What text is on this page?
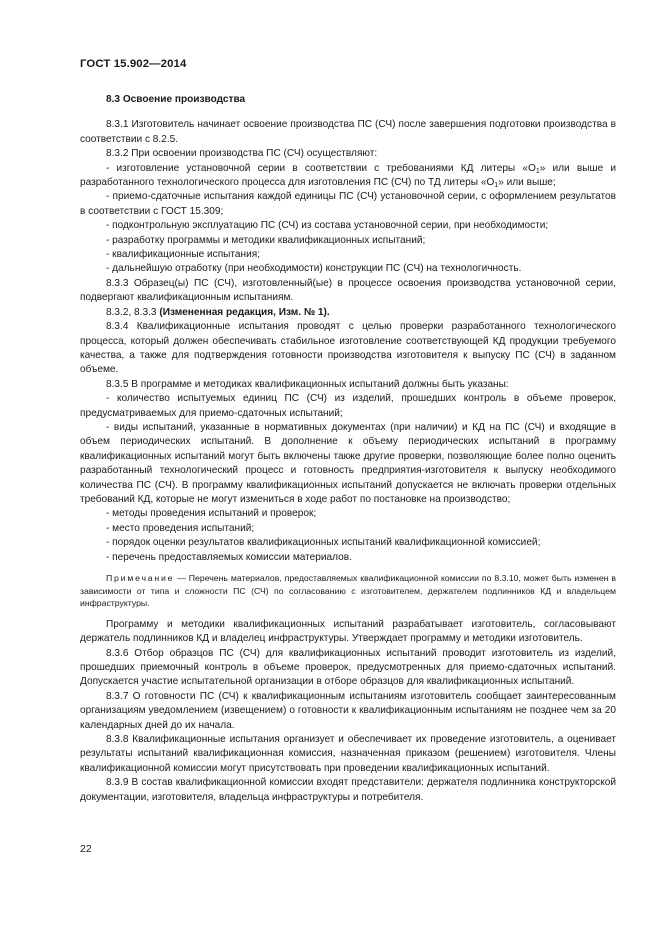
ГОСТ 15.902—2014

8.3 Освоение производства

8.3.1 Изготовитель начинает освоение производства ПС (СЧ) после завершения подготовки производства в соответствии с 8.2.5.

8.3.2 При освоении производства ПС (СЧ) осуществляют:

- изготовление установочной серии в соответствии с требованиями КД литеры «$О_1$» или выше и разработанного технологического процесса для изготовления ПС (СЧ) по ТД литеры «$О_1$» или выше;

- приемо-сдаточные испытания каждой единицы ПС (СЧ) установочной серии, с оформлением результатов в соответствии с ГОСТ 15.309;

- подконтрольную эксплуатацию ПС (СЧ) из состава установочной серии, при необходимости;

- разработку программы и методики квалификационных испытаний;

- квалификационные испытания;

- дальнейшую отработку (при необходимости) конструкции ПС (СЧ) на технологичность.

8.3.3 Образец(ы) ПС (СЧ), изготовленный(ые) в процессе освоения производства установочной серии, подвергают квалификационным испытаниям.

8.3.2, 8.3.3 (Измененная редакция, Изм. № 1).

8.3.4 Квалификационные испытания проводят с целью проверки разработанного технологического процесса, который должен обеспечивать стабильное изготовление соответствующей КД продукции требуемого качества, а также для подтверждения готовности производства изготовителя к выпуску ПС (СЧ) в заданном объеме.

8.3.5 В программе и методиках квалификационных испытаний должны быть указаны:

- количество испытуемых единиц ПС (СЧ) из изделий, прошедших контроль в объеме проверок, предусматриваемых для приемо-сдаточных испытаний;

- виды испытаний, указанные в нормативных документах (при наличии) и КД на ПС (СЧ) и входящие в объем периодических испытаний. В дополнение к объему периодических испытаний в программу квалификационных испытаний могут быть включены также другие проверки, позволяющие более полно оценить разработанный технологический процесс и готовность предприятия-изготовителя к выпуску необходимого количества ПС (СЧ). В программу квалификационных испытаний допускается не включать проверки отдельных требований КД, которые не могут измениться в ходе работ по постановке на производство;

- методы проведения испытаний и проверок;

- место проведения испытаний;

- порядок оценки результатов квалификационных испытаний квалификационной комиссией;

- перечень предоставляемых комиссии материалов.

Примечание — Перечень материалов, предоставляемых квалификационной комиссии по 8.3.10, может быть изменен в зависимости от типа и сложности ПС (СЧ) по согласованию с изготовителем, держателем подлинников КД и владельцем инфраструктуры.

Программу и методики квалификационных испытаний разрабатывает изготовитель, согласовывают держатель подлинников КД и владелец инфраструктуры. Утверждает программу и методики изготовитель.

8.3.6 Отбор образцов ПС (СЧ) для квалификационных испытаний проводит изготовитель из изделий, прошедших приемочный контроль в объеме проверок, предусмотренных для приемо-сдаточных испытаний. Допускается участие испытательной организации в отборе образцов для квалификационных испытаний.

8.3.7 О готовности ПС (СЧ) к квалификационным испытаниям изготовитель сообщает заинтересованным организациям уведомлением (извещением) о готовности к квалификационным испытаниям не позднее чем за 20 календарных дней до их начала.

8.3.8 Квалификационные испытания организует и обеспечивает их проведение изготовитель, а оценивает результаты испытаний квалификационная комиссия, назначенная приказом (решением) изготовителя. Члены квалификационной комиссии могут присутствовать при проведении квалификационных испытаний.

8.3.9 В состав квалификационной комиссии входят представители: держателя подлинника конструкторской документации, изготовителя, владельца инфраструктуры и потребителя.

22
